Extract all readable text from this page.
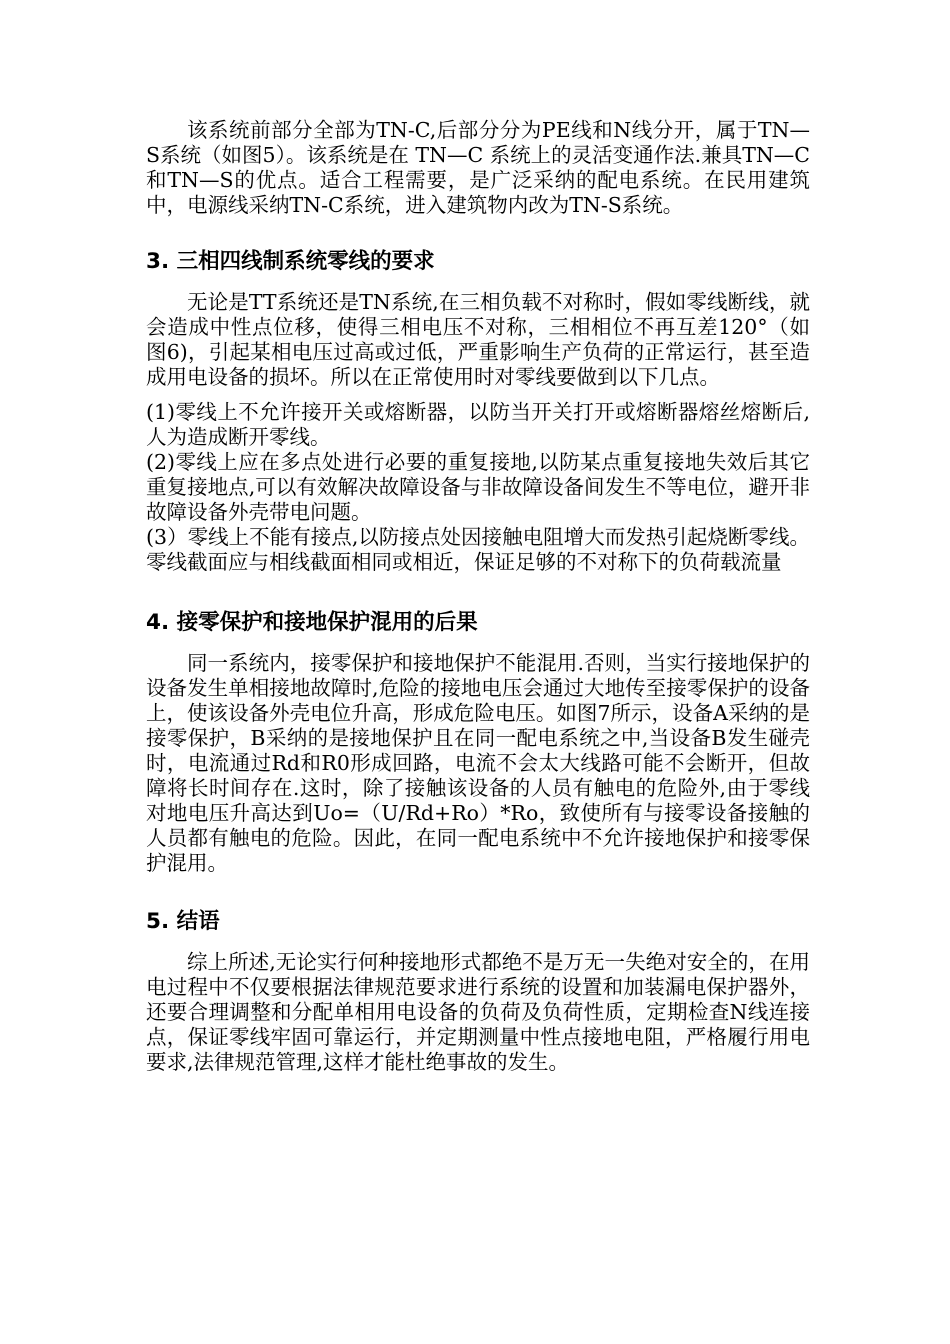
该系统前部分全部为TN-C,后部分分为PE线和N线分开，属于TN—S系统（如图5）。该系统是在 TN—C 系统上的灵活变通作法.兼具TN—C和TN—S的优点。适合工程需要，是广泛采纳的配电系统。在民用建筑中，电源线采纳TN-C系统，进入建筑物内改为TN-S系统。

3. 三相四线制系统零线的要求

无论是TT系统还是TN系统,在三相负载不对称时，假如零线断线，就会造成中性点位移，使得三相电压不对称，三相相位不再互差120°（如图6)，引起某相电压过高或过低，严重影响生产负荷的正常运行，甚至造成用电设备的损坏。所以在正常使用时对零线要做到以下几点。

(1)零线上不允许接开关或熔断器，以防当开关打开或熔断器熔丝熔断后,人为造成断开零线。

(2)零线上应在多点处进行必要的重复接地,以防某点重复接地失效后其它重复接地点,可以有效解决故障设备与非故障设备间发生不等电位，避开非故障设备外壳带电问题。

(3）零线上不能有接点,以防接点处因接触电阻增大而发热引起烧断零线。零线截面应与相线截面相同或相近，保证足够的不对称下的负荷载流量

4. 接零保护和接地保护混用的后果

同一系统内，接零保护和接地保护不能混用.否则，当实行接地保护的设备发生单相接地故障时,危险的接地电压会通过大地传至接零保护的设备上，使该设备外壳电位升高，形成危险电压。如图7所示，设备A采纳的是接零保护，B采纳的是接地保护且在同一配电系统之中,当设备B发生碰壳时，电流通过Rd和R0形成回路，电流不会太大线路可能不会断开，但故障将长时间存在.这时，除了接触该设备的人员有触电的危险外,由于零线对地电压升高达到Uo=（U/Rd+Ro）*Ro，致使所有与接零设备接触的人员都有触电的危险。因此，在同一配电系统中不允许接地保护和接零保护混用。

5. 结语

综上所述,无论实行何种接地形式都绝不是万无一失绝对安全的，在用电过程中不仅要根据法律规范要求进行系统的设置和加装漏电保护器外，还要合理调整和分配单相用电设备的负荷及负荷性质，定期检查N线连接点，保证零线牢固可靠运行，并定期测量中性点接地电阻，严格履行用电要求,法律规范管理,这样才能杜绝事故的发生。
